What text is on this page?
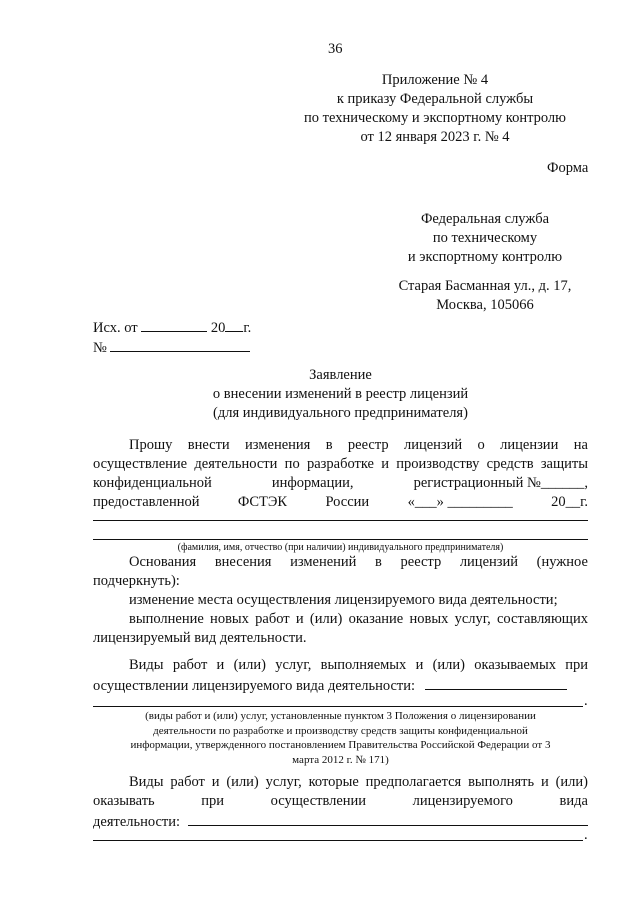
36
Приложение № 4
к приказу Федеральной службы
по техническому и экспортному контролю
от 12 января 2023 г. № 4
Форма
Федеральная служба
по техническому
и экспортному контролю
Старая Басманная ул., д. 17,
Москва, 105066
Исх. от	20 г.
№
Заявление
о внесении изменений в реестр лицензий
(для индивидуального предпринимателя)
Прошу внести изменения в реестр лицензий о лицензии на
осуществление деятельности по разработке и производству средств защиты
конфиденциальной	информации,	регистрационный №______,
предоставленной	ФСТЭК	России	«___» _________	20__г.
(фамилия, имя, отчество (при наличии) индивидуального предпринимателя)
Основания внесения изменений в реестр лицензий (нужное
подчеркнуть):
изменение места осуществления лицензируемого вида деятельности;
выполнение новых работ и (или) оказание новых услуг, составляющих
лицензируемый вид деятельности.
Виды работ и (или) услуг, выполняемых и (или) оказываемых при
осуществлении лицензируемого вида деятельности:
.
(виды работ и (или) услуг, установленные пунктом 3 Положения о лицензировании
деятельности по разработке и производству средств защиты конфиденциальной
информации, утвержденного постановлением Правительства Российской Федерации от 3
марта 2012 г. № 171)
Виды работ и (или) услуг, которые предполагается выполнять и (или)
оказывать	при	осуществлении	лицензируемого	вида
деятельности:
.
